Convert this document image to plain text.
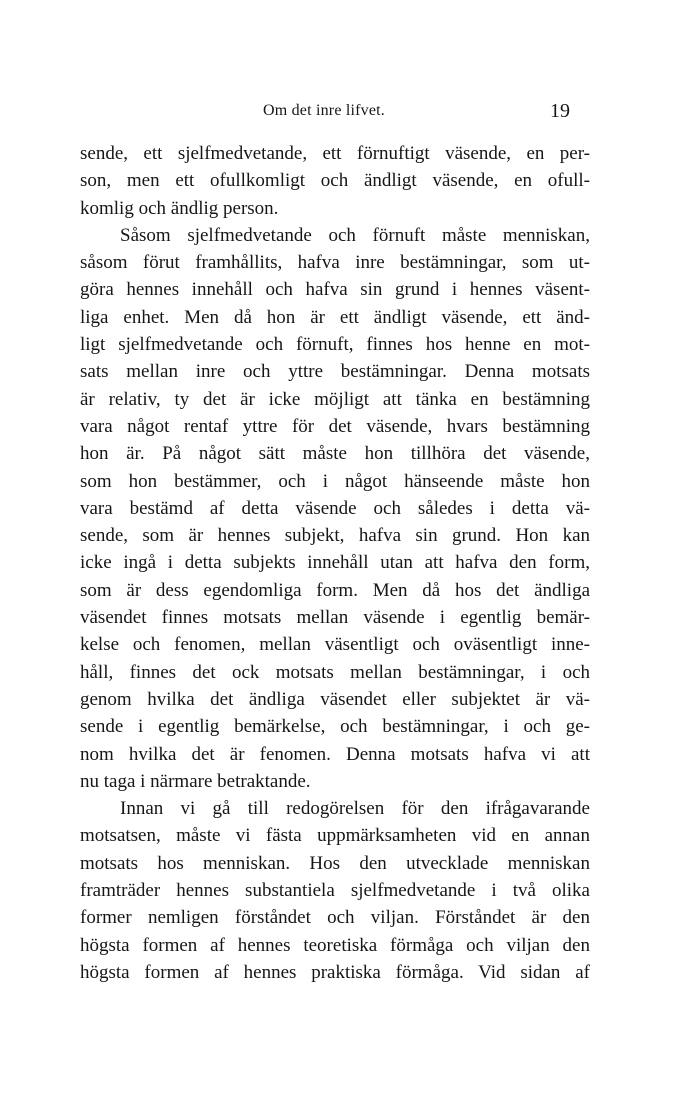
Om det inre lifvet.	19
sende, ett sjelfmedvetande, ett förnuftigt väsende, en per-
son, men ett ofullkomligt och ändligt väsende, en ofull-
komlig och ändlig person.
Såsom sjelfmedvetande och förnuft måste menniskan,
såsom förut framhållits, hafva inre bestämningar, som ut-
göra hennes innehåll och hafva sin grund i hennes väsent-
liga enhet. Men då hon är ett ändligt väsende, ett änd-
ligt sjelfmedvetande och förnuft, finnes hos henne en mot-
sats mellan inre och yttre bestämningar. Denna motsats
är relativ, ty det är icke möjligt att tänka en bestämning
vara något rentaf yttre för det väsende, hvars bestämning
hon är. På något sätt måste hon tillhöra det väsende,
som hon bestämmer, och i något hänseende måste hon
vara bestämd af detta väsende och således i detta vä-
sende, som är hennes subjekt, hafva sin grund. Hon kan
icke ingå i detta subjekts innehåll utan att hafva den form,
som är dess egendomliga form. Men då hos det ändliga
väsendet finnes motsats mellan väsende i egentlig bemär-
kelse och fenomen, mellan väsentligt och oväsentligt inne-
håll, finnes det ock motsats mellan bestämningar, i och
genom hvilka det ändliga väsendet eller subjektet är vä-
sende i egentlig bemärkelse, och bestämningar, i och ge-
nom hvilka det är fenomen. Denna motsats hafva vi att
nu taga i närmare betraktande.
Innan vi gå till redogörelsen för den ifrågavarande
motsatsen, måste vi fästa uppmärksamheten vid en annan
motsats hos menniskan. Hos den utvecklade menniskan
framträder hennes substantiela sjelfmedvetande i två olika
former nemligen förståndet och viljan. Förståndet är den
högsta formen af hennes teoretiska förmåga och viljan den
högsta formen af hennes praktiska förmåga. Vid sidan af
